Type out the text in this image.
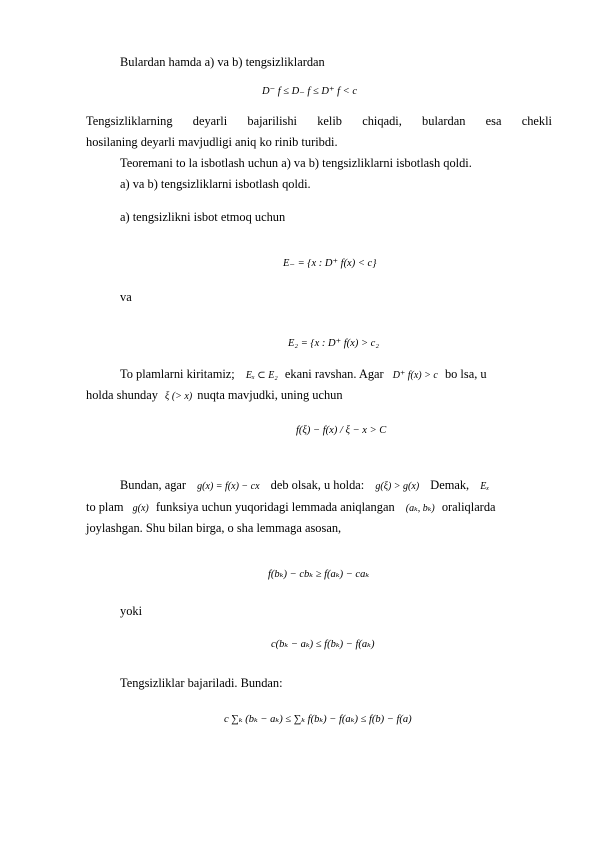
Bulardan hamda a) va b) tengsizliklardan
D⁻ f ≤ D₋ f ≤ D⁺ f < c
Tengsizliklarning deyarli bajarilishi kelib chiqadi, bulardan esa chekli
hosilaning deyarli mavjudligi aniq ko rinib turibdi.
Teoremani to la isbotlash uchun a) va b) tengsizliklarni isbotlash qoldi.
a) va b) tengsizliklarni isbotlash qoldi.
a) tengsizlikni isbot etmoq uchun
E₋ = {x : D⁺ f(x) < c}
va
E₂ = {x : D⁺ f(x) > c₂
To plamlarni kiritamiz; Eₓ ⊂ E₂ ekani ravshan. Agar D⁺ f(x) > c bo lsa, u
holda shunday ξ (> x) nuqta mavjudki, uning uchun
f(ξ) − f(x) / ξ − x > C
Bundan, agar g(x) = f(x) − cx deb olsak, u holda: g(ξ) > g(x) Demak, Eₓ
to plam g(x) funksiya uchun yuqoridagi lemmada aniqlangan (aₖ, bₖ) oraliqlarda
joylashgan. Shu bilan birga, o sha lemmaga asosan,
f(bₖ) − cbₖ ≥ f(aₖ) − caₖ
yoki
c(bₖ − aₖ) ≤ f(bₖ) − f(aₖ)
Tengsizliklar bajariladi. Bundan:
c ∑ₖ (bₖ − aₖ) ≤ ∑ₖ f(bₖ) − f(aₖ) ≤ f(b) − f(a)
